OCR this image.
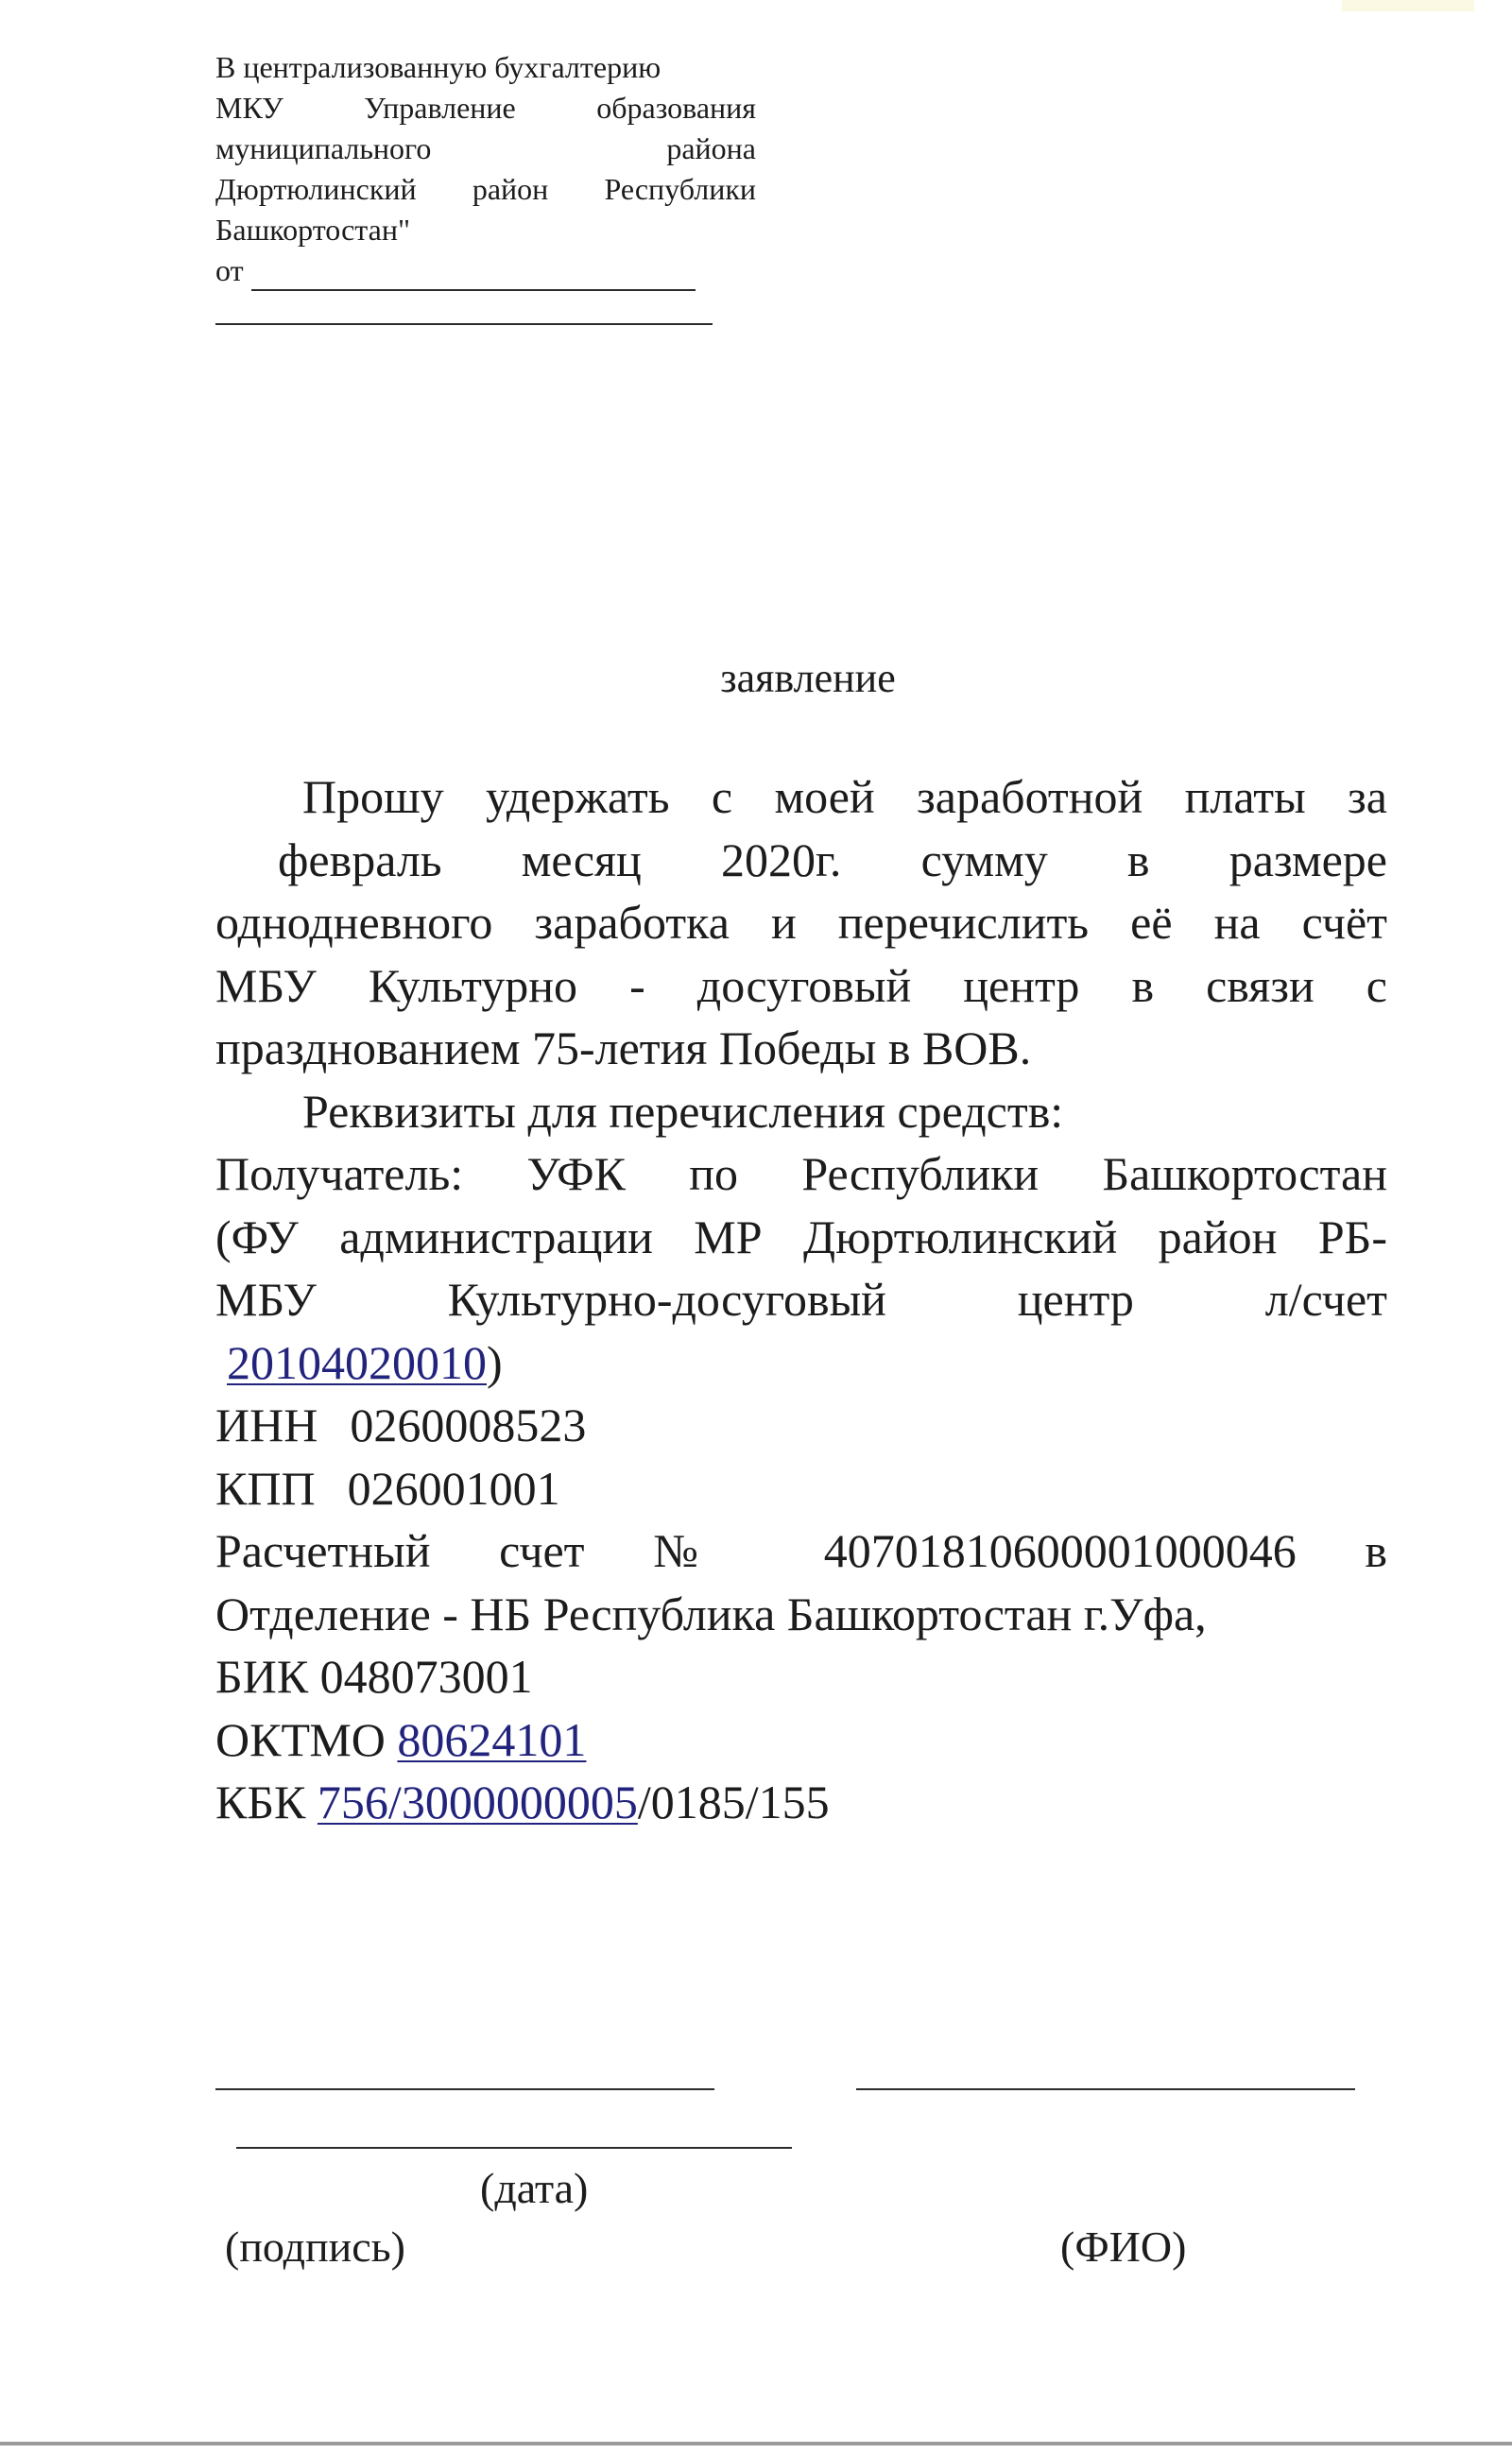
В централизованную бухгалтерию
МКУ Управление образования
муниципального района
Дюртюлинский район Республики
Башкортостан"
от
заявление
Прошу удержать с моей заработной платы за
февраль месяц 2020г. сумму в размере
однодневного заработка и перечислить её на счёт
МБУ Культурно - досуговый центр в связи с
празднованием 75-летия Победы в ВОВ.
Реквизиты для перечисления средств:
Получатель: УФК по Республики Башкортостан
(ФУ администрации МР Дюртюлинский район РБ-
МБУ Культурно-досуговый центр л/счет
20104020010)
ИНН 0260008523
КПП 026001001
Расчетный счет № 40701810600001000046 в
Отделение - НБ Республика Башкортостан г.Уфа,
БИК 048073001
ОКТМО 80624101
КБК 756/3000000005/0185/155
(дата)
(подпись)	(ФИО)
